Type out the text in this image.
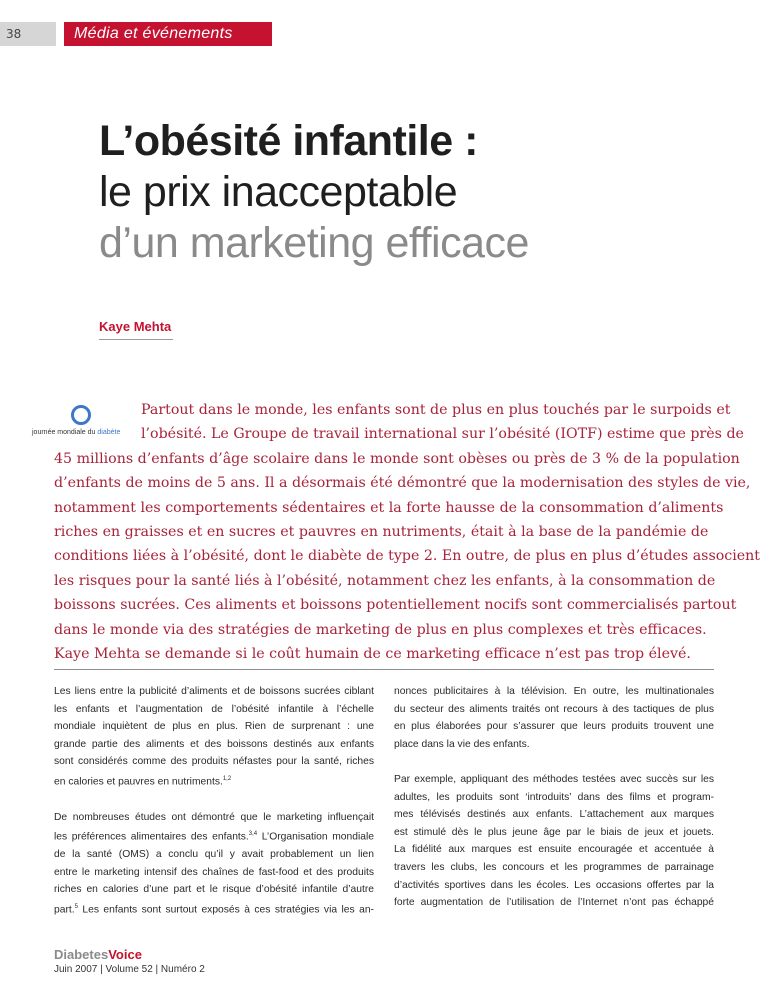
38	Média et événements
L’obésité infantile :
le prix inacceptable
d’un marketing efficace
Kaye Mehta
journée mondiale du diabète
Partout dans le monde, les enfants sont de plus en plus touchés par le surpoids et
l’obésité. Le Groupe de travail international sur l’obésité (IOTF) estime que près de
45 millions d’enfants d’âge scolaire dans le monde sont obèses ou près de 3 % de la population
d’enfants de moins de 5 ans. Il a désormais été démontré que la modernisation des styles de vie,
notamment les comportements sédentaires et la forte hausse de la consommation d’aliments
riches en graisses et en sucres et pauvres en nutriments, était à la base de la pandémie de
conditions liées à l’obésité, dont le diabète de type 2. En outre, de plus en plus d’études associent
les risques pour la santé liés à l’obésité, notamment chez les enfants, à la consommation de
boissons sucrées. Ces aliments et boissons potentiellement nocifs sont commercialisés partout
dans le monde via des stratégies de marketing de plus en plus complexes et très efficaces.
Kaye Mehta se demande si le coût humain de ce marketing efficace n’est pas trop élevé.

Les liens entre la publicité d’aliments et de boissons sucrées ciblant
les enfants et l’augmentation de l’obésité infantile à l’échelle
mondiale inquiètent de plus en plus. Rien de surprenant : une
grande partie des aliments et des boissons destinés aux enfants
sont considérés comme des produits néfastes pour la santé, riches
en calories et pauvres en nutriments.$^{1,2}$

De nombreuses études ont démontré que le marketing influençait
les préférences alimentaires des enfants.$^{3,4}$ L’Organisation mondiale
de la santé (OMS) a conclu qu’il y avait probablement un lien
entre le marketing intensif des chaînes de fast-food et des produits
riches en calories d’une part et le risque d’obésité infantile d’autre
part.$^5$ Les enfants sont surtout exposés à ces stratégies via les an-

nonces publicitaires à la télévision. En outre, les multinationales
du secteur des aliments traités ont recours à des tactiques de plus
en plus élaborées pour s’assurer que leurs produits trouvent une
place dans la vie des enfants.

Par exemple, appliquant des méthodes testées avec succès sur les
adultes, les produits sont ‘introduits’ dans des films et program-
mes télévisés destinés aux enfants. L’attachement aux marques
est stimulé dès le plus jeune âge par le biais de jeux et jouets.
La fidélité aux marques est ensuite encouragée et accentuée à
travers les clubs, les concours et les programmes de parrainage
d’activités sportives dans les écoles. Les occasions offertes par la
forte augmentation de l’utilisation de l’Internet n’ont pas échappé

DiabetesVoice
Juin 2007 | Volume 52 | Numéro 2
